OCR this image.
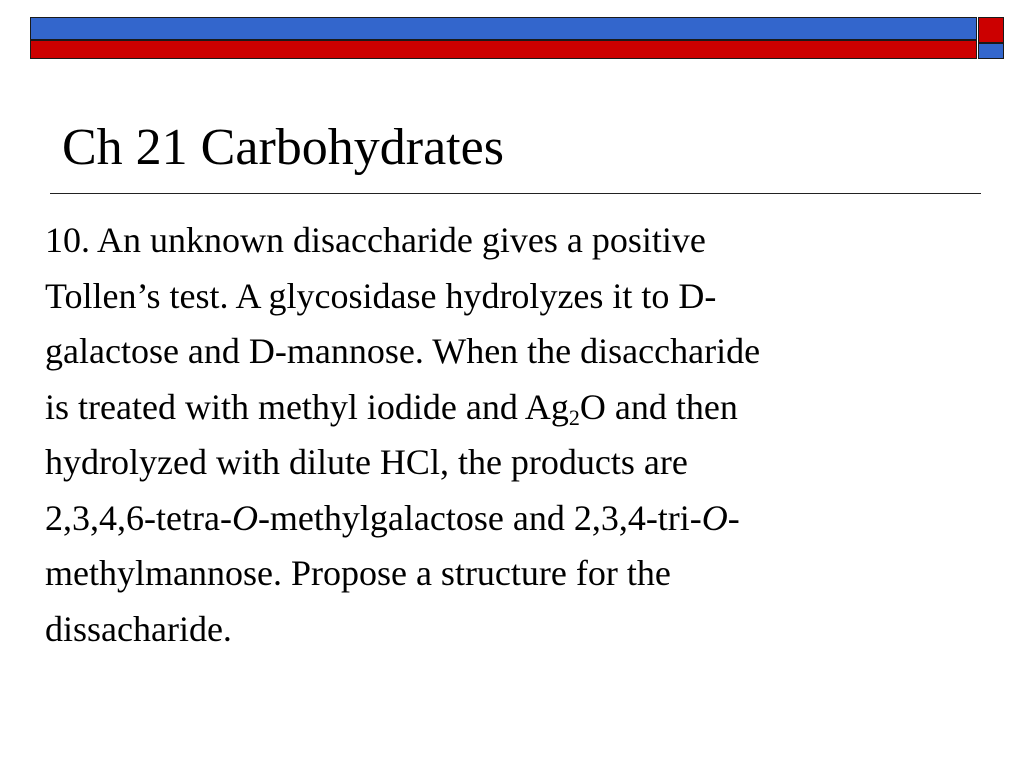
Ch 21 Carbohydrates
10. An unknown disaccharide gives a positive
Tollen’s test. A glycosidase hydrolyzes it to D-
galactose and D-mannose. When the disaccharide
is treated with methyl iodide and $Ag_2O$ and then
hydrolyzed with dilute HCl, the products are
2,3,4,6-tetra-O-methylgalactose and 2,3,4-tri-O-
methylmannose. Propose a structure for the
dissacharide.
